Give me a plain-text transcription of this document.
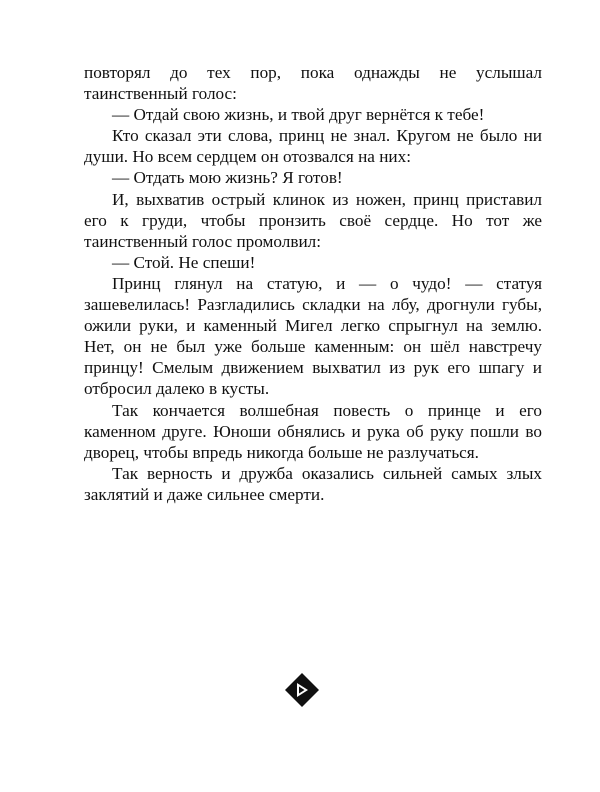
повторял до тех пор, пока однажды не услышал таинственный голос:

— Отдай свою жизнь, и твой друг вернётся к тебе!

Кто сказал эти слова, принц не знал. Кругом не было ни души. Но всем сердцем он отозвался на них:

— Отдать мою жизнь? Я готов!

И, выхватив острый клинок из ножен, принц приставил его к груди, чтобы пронзить своё сердце. Но тот же таинственный голос промолвил:

— Стой. Не спеши!

Принц глянул на статую, и — о чудо! — статуя зашевелилась! Разгладились складки на лбу, дрогнули губы, ожили руки, и каменный Мигел легко спрыгнул на землю. Нет, он не был уже больше каменным: он шёл навстречу принцу! Смелым движением выхватил из рук его шпагу и отбросил далеко в кусты.

Так кончается волшебная повесть о принце и его каменном друге. Юноши обнялись и рука об руку пошли во дворец, чтобы впредь никогда больше не разлучаться.

Так верность и дружба оказались сильней самых злых заклятий и даже сильнее смерти.
